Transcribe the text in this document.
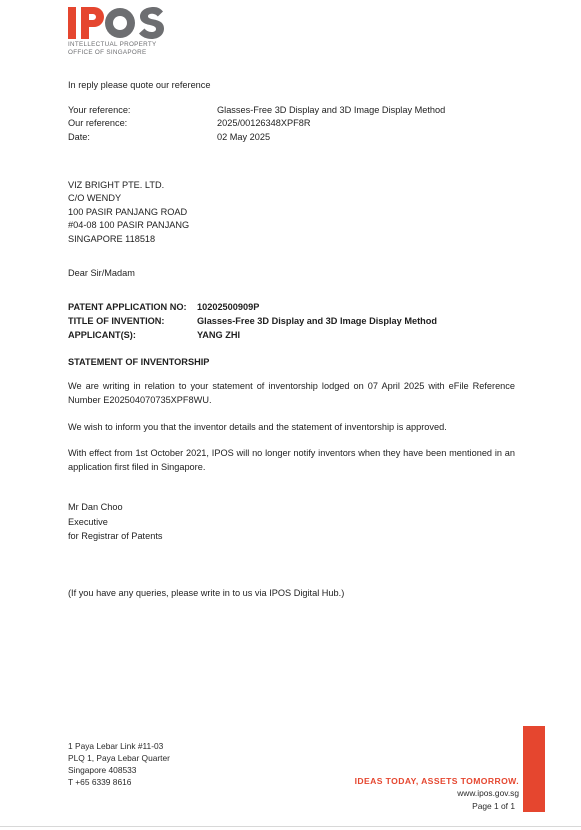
INTELLECTUAL PROPERTY
OFFICE OF SINGAPORE
In reply please quote our reference
Your reference:	Glasses-Free 3D Display and 3D Image Display Method
Our reference:	2025/00126348XPF8R
Date:	02 May 2025
VIZ BRIGHT PTE. LTD.
C/O WENDY
100 PASIR PANJANG ROAD
#04-08 100 PASIR PANJANG
SINGAPORE 118518
Dear Sir/Madam
PATENT APPLICATION NO: 10202500909P
TITLE OF INVENTION:	Glasses-Free 3D Display and 3D Image Display Method
APPLICANT(S):	YANG ZHI
STATEMENT OF INVENTORSHIP
We are writing in relation to your statement of inventorship lodged on 07 April 2025 with eFile Reference Number E202504070735XPF8WU.
We wish to inform you that the inventor details and the statement of inventorship is approved.
With effect from 1st October 2021, IPOS will no longer notify inventors when they have been mentioned in an application first filed in Singapore.
Mr Dan Choo
Executive
for Registrar of Patents
(If you have any queries, please write in to us via IPOS Digital Hub.)
1 Paya Lebar Link #11-03
PLQ 1, Paya Lebar Quarter
Singapore 408533
T +65 6339 8616	IDEAS TODAY, ASSETS TOMORROW.
www.ipos.gov.sg
Page 1 of 1
